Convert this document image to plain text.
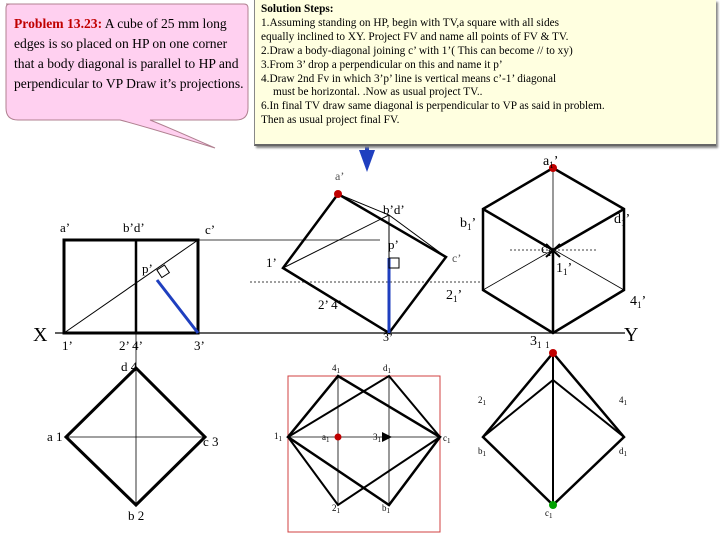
a’	b’d’	c’
p’
X	Y
1’	2’ 4’	3’
d 4
a 1	c 3
b 2
a’
b’d’
p’
c’
1’
2’ 4’
3’
$a_1$’
$b_1$’	$d_1$’
$c_1$
$1_1$’
$2_1$’	$4_1$’
$3_1$ 1
$4_1$	$d_1$
$1_1$	$a_1$	$3_1$	$c_1$
$2_1$	$b_1$
$2_1$	$4_1$
$b_1$	$d_1$
$c_1$
Problem 13.23: A cube of 25 mm long edges is so placed on HP on one corner that a body diagonal is parallel to HP and perpendicular to VP Draw it’s projections.
Solution Steps:
1.Assuming standing on HP, begin with TV,a square with all sides
equally inclined to XY. Project FV and name all points of FV & TV.
2.Draw a body-diagonal joining c’ with 1’( This can become // to xy)
3.From 3’ drop a perpendicular on this and name it p’
4.Draw 2nd Fv in which 3’p’ line is vertical means c’-1’ diagonal
must be horizontal. .Now as usual project TV..
6.In final TV draw same diagonal is perpendicular to VP as said in problem.
Then as usual project final FV.
